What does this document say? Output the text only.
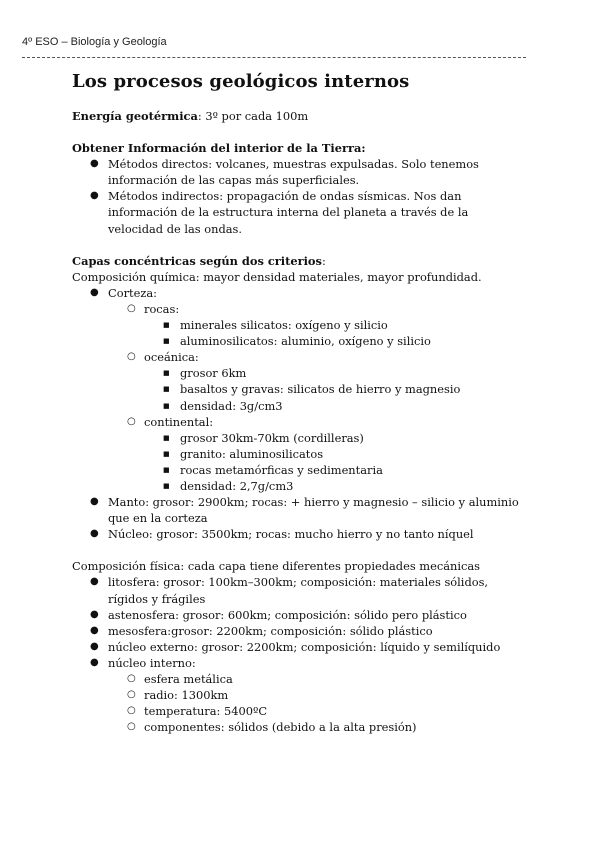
4º ESO – Biología y Geología
Los procesos geológicos internos

Energía geotérmica: 3º por cada 100m

Obtener Información del interior de la Tierra:

● Métodos directos: volcanes, muestras expulsadas. Solo tenemos información de las capas más superficiales.
● Métodos indirectos: propagación de ondas sísmicas. Nos dan información de la estructura interna del planeta a través de la velocidad de las ondas.

Capas concéntricas según dos criterios:

Composición química: mayor densidad materiales, mayor profundidad.

● Corteza:
○ rocas:
■ minerales silicatos: oxígeno y silicio
■ aluminosilicatos: aluminio, oxígeno y silicio
○ oceánica:
■ grosor 6km
■ basaltos y gravas: silicatos de hierro y magnesio
■ densidad: 3g/cm3
○ continental:
■ grosor 30km-70km (cordilleras)
■ granito: aluminosilicatos
■ rocas metamórficas y sedimentaria
■ densidad: 2,7g/cm3
● Manto: grosor: 2900km; rocas: + hierro y magnesio – silicio y aluminio que en la corteza
● Núcleo: grosor: 3500km; rocas: mucho hierro y no tanto níquel

Composición física: cada capa tiene diferentes propiedades mecánicas

● litosfera: grosor: 100km–300km; composición: materiales sólidos, rígidos y frágiles
● astenosfera: grosor: 600km; composición: sólido pero plástico
● mesosfera:grosor: 2200km; composición: sólido plástico
● núcleo externo: grosor: 2200km; composición: líquido y semilíquido
● núcleo interno:
○ esfera metálica
○ radio: 1300km
○ temperatura: 5400ºC
○ componentes: sólidos (debido a la alta presión)
